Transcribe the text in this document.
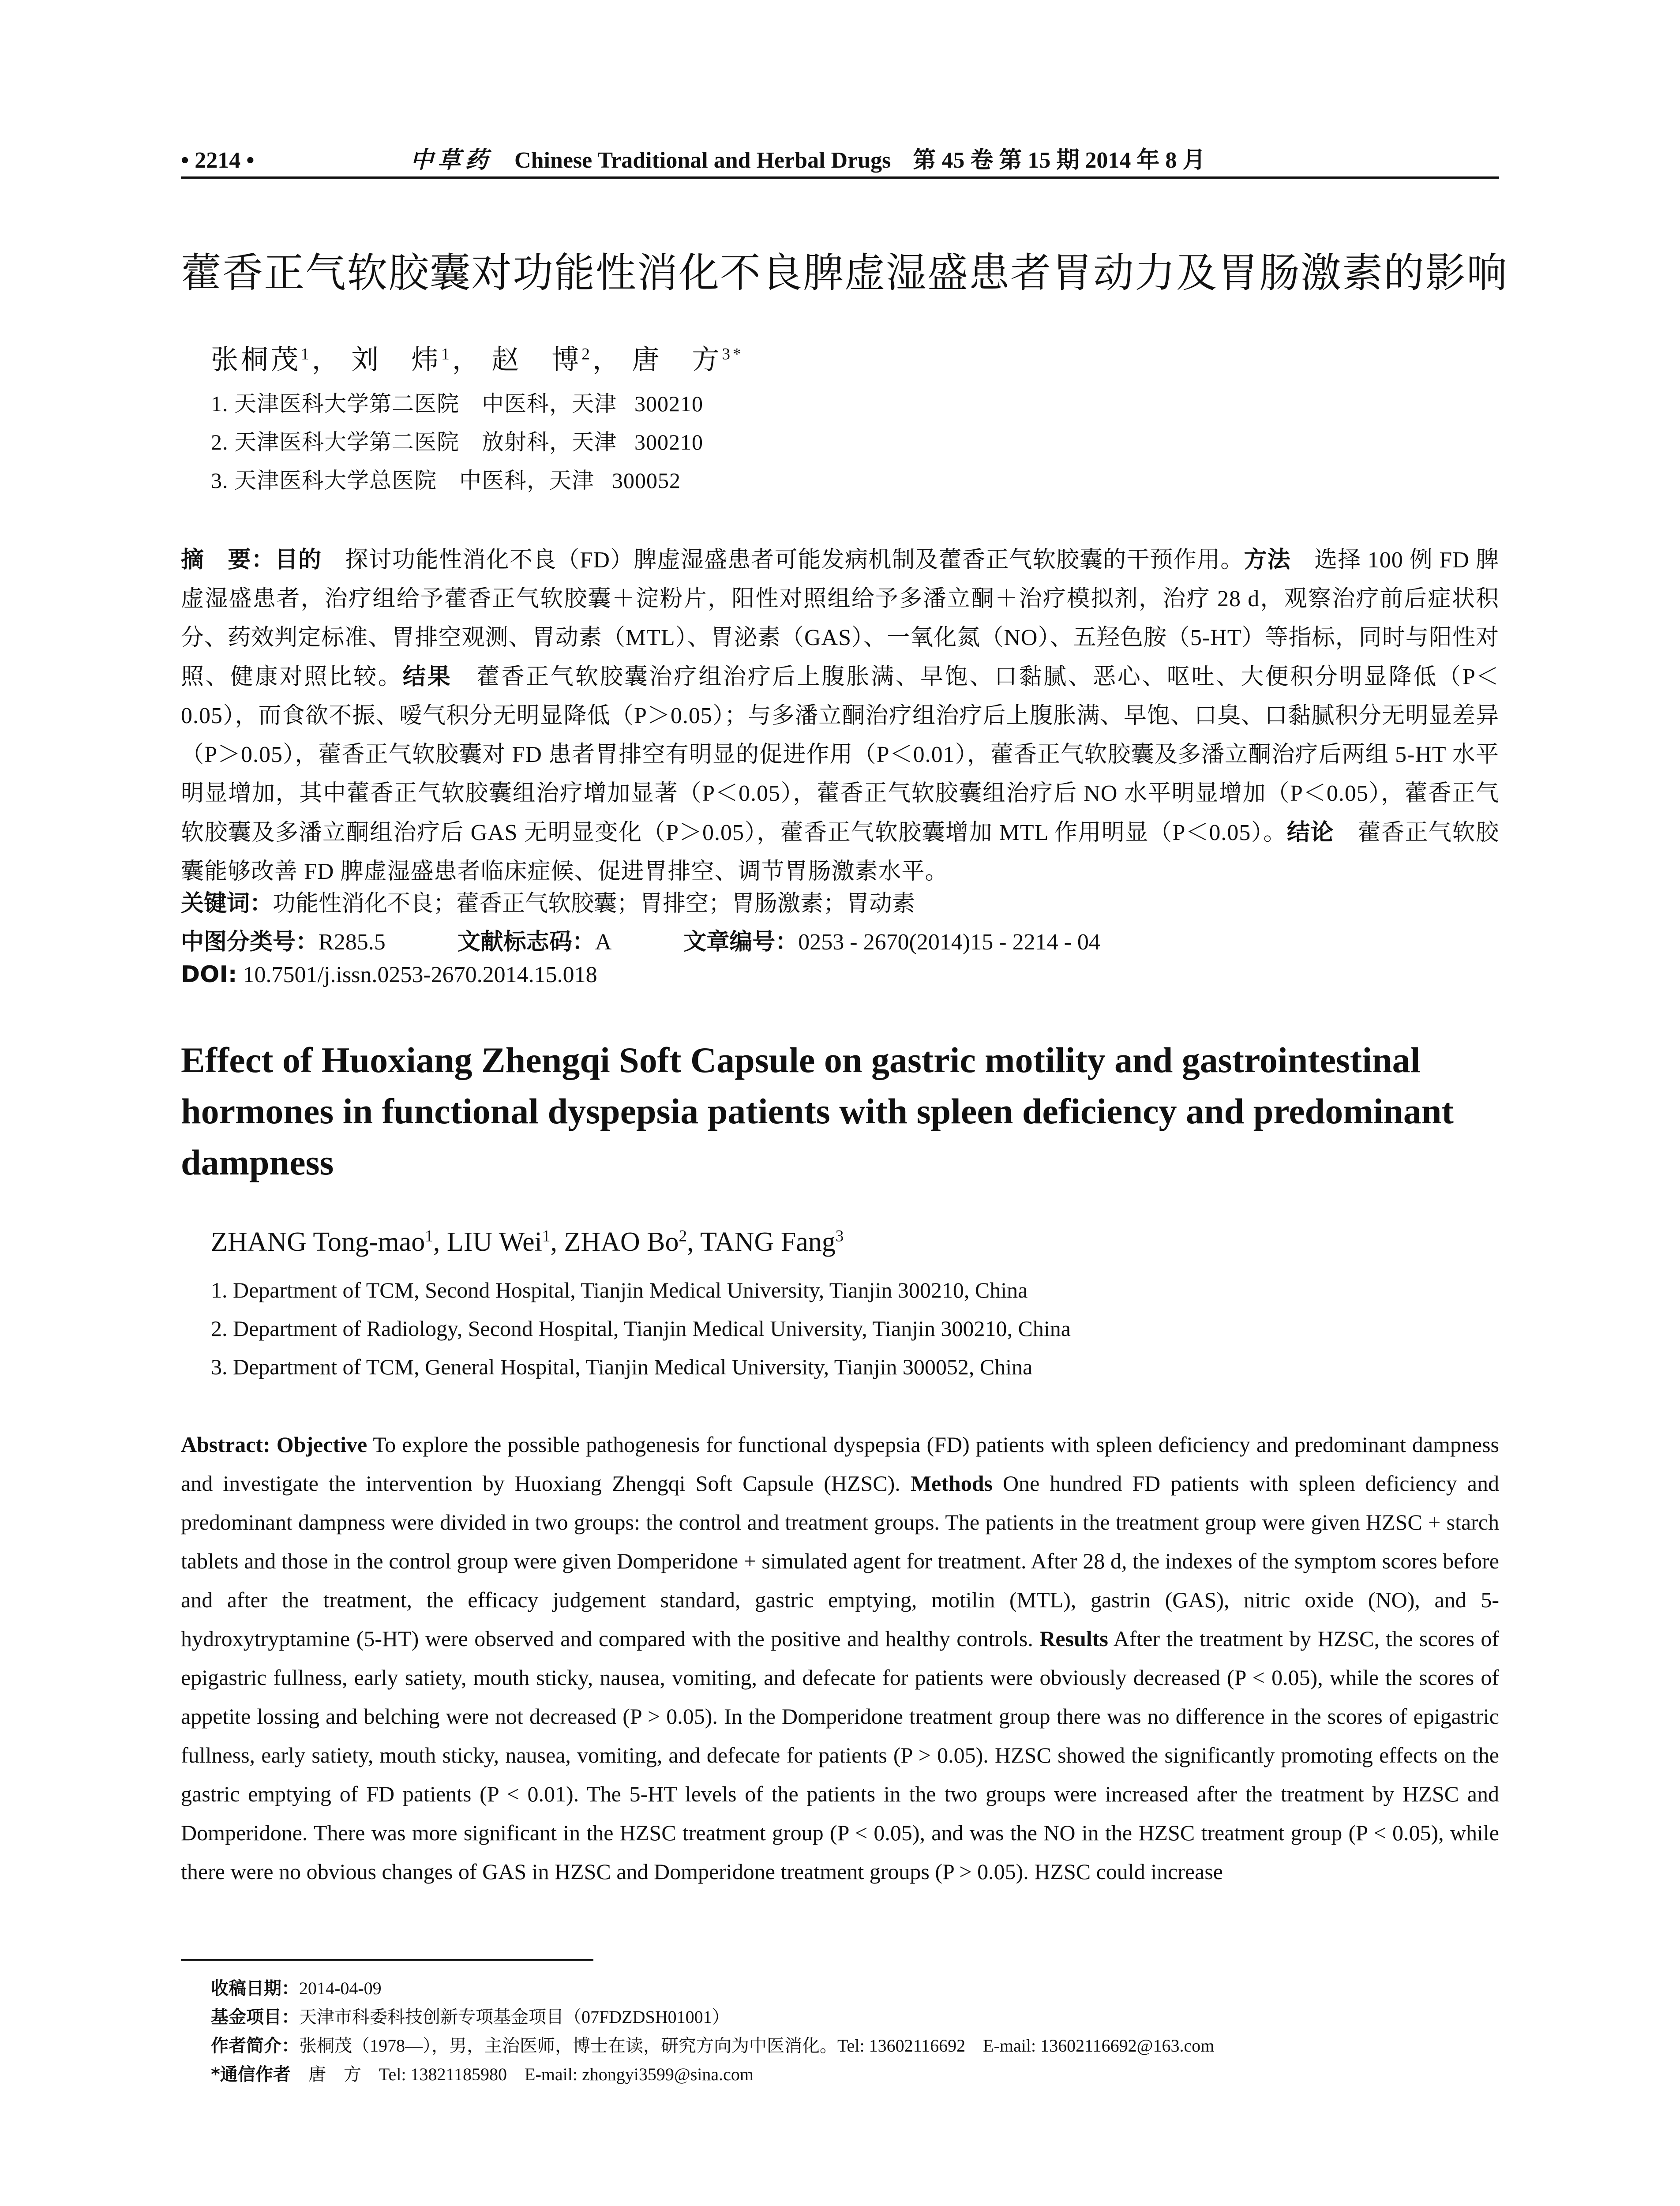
• 2214 •	中草药 Chinese Traditional and Herbal Drugs 第 45 卷 第 15 期 2014 年 8 月
藿香正气软胶囊对功能性消化不良脾虚湿盛患者胃动力及胃肠激素的影响
张桐茂$^1$， 刘　炜$^1$， 赵　博$^2$， 唐　方$^{3*}$
1. 天津医科大学第二医院　中医科，天津 300210
2. 天津医科大学第二医院　放射科，天津 300210
3. 天津医科大学总医院　中医科，天津 300052
摘　要：目的　探讨功能性消化不良（FD）脾虚湿盛患者可能发病机制及藿香正气软胶囊的干预作用。方法　选择 100 例 FD 脾虚湿盛患者，治疗组给予藿香正气软胶囊＋淀粉片，阳性对照组给予多潘立酮＋治疗模拟剂，治疗 28 d，观察治疗前后症状积分、药效判定标准、胃排空观测、胃动素（MTL）、胃泌素（GAS）、一氧化氮（NO）、五羟色胺（5-HT）等指标，同时与阳性对照、健康对照比较。结果　藿香正气软胶囊治疗组治疗后上腹胀满、早饱、口黏腻、恶心、呕吐、大便积分明显降低（P＜0.05），而食欲不振、嗳气积分无明显降低（P＞0.05）；与多潘立酮治疗组治疗后上腹胀满、早饱、口臭、口黏腻积分无明显差异（P＞0.05），藿香正气软胶囊对 FD 患者胃排空有明显的促进作用（P＜0.01），藿香正气软胶囊及多潘立酮治疗后两组 5-HT 水平明显增加，其中藿香正气软胶囊组治疗增加显著（P＜0.05），藿香正气软胶囊组治疗后 NO 水平明显增加（P＜0.05），藿香正气软胶囊及多潘立酮组治疗后 GAS 无明显变化（P＞0.05），藿香正气软胶囊增加 MTL 作用明显（P＜0.05）。结论　藿香正气软胶囊能够改善 FD 脾虚湿盛患者临床症候、促进胃排空、调节胃肠激素水平。
关键词：功能性消化不良；藿香正气软胶囊；胃排空；胃肠激素；胃动素
中图分类号：R285.5	文献标志码：A	文章编号：0253 - 2670(2014)15 - 2214 - 04
DOI: 10.7501/j.issn.0253-2670.2014.15.018
Effect of Huoxiang Zhengqi Soft Capsule on gastric motility and gastrointestinal hormones in functional dyspepsia patients with spleen deficiency and predominant dampness
ZHANG Tong-mao$^1$, LIU Wei$^1$, ZHAO Bo$^2$, TANG Fang$^3$
1. Department of TCM, Second Hospital, Tianjin Medical University, Tianjin 300210, China
2. Department of Radiology, Second Hospital, Tianjin Medical University, Tianjin 300210, China
3. Department of TCM, General Hospital, Tianjin Medical University, Tianjin 300052, China
Abstract: Objective To explore the possible pathogenesis for functional dyspepsia (FD) patients with spleen deficiency and predominant dampness and investigate the intervention by Huoxiang Zhengqi Soft Capsule (HZSC). Methods One hundred FD patients with spleen deficiency and predominant dampness were divided in two groups: the control and treatment groups. The patients in the treatment group were given HZSC + starch tablets and those in the control group were given Domperidone + simulated agent for treatment. After 28 d, the indexes of the symptom scores before and after the treatment, the efficacy judgement standard, gastric emptying, motilin (MTL), gastrin (GAS), nitric oxide (NO), and 5-hydroxytryptamine (5-HT) were observed and compared with the positive and healthy controls. Results After the treatment by HZSC, the scores of epigastric fullness, early satiety, mouth sticky, nausea, vomiting, and defecate for patients were obviously decreased (P < 0.05), while the scores of appetite lossing and belching were not decreased (P > 0.05). In the Domperidone treatment group there was no difference in the scores of epigastric fullness, early satiety, mouth sticky, nausea, vomiting, and defecate for patients (P > 0.05). HZSC showed the significantly promoting effects on the gastric emptying of FD patients (P < 0.01). The 5-HT levels of the patients in the two groups were increased after the treatment by HZSC and Domperidone. There was more significant in the HZSC treatment group (P < 0.05), and was the NO in the HZSC treatment group (P < 0.05), while there were no obvious changes of GAS in HZSC and Domperidone treatment groups (P > 0.05). HZSC could increase
收稿日期：2014-04-09
基金项目：天津市科委科技创新专项基金项目（07FDZDSH01001）
作者简介：张桐茂（1978—），男，主治医师，博士在读，研究方向为中医消化。Tel: 13602116692　E-mail: 13602116692@163.com
*通信作者　唐　方　Tel: 13821185980　E-mail: zhongyi3599@sina.com
